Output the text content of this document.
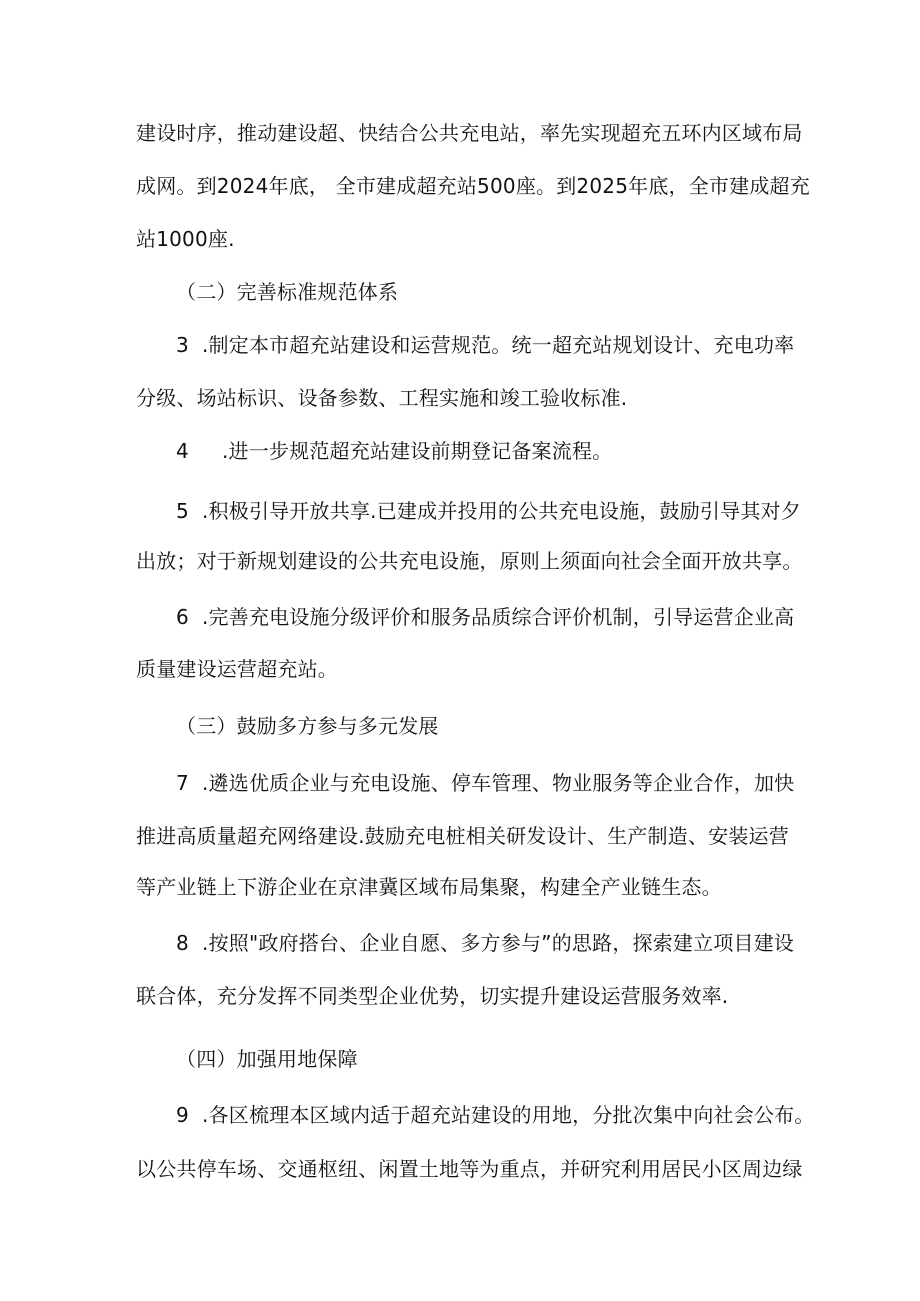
建设时序，推动建设超、快结合公共充电站，率先实现超充五环内区域布局
成网。到2024年底， 全市建成超充站500座。到2025年底，全市建成超充
站1000座.
（二）完善标准规范体系
3 .制定本市超充站建设和运营规范。统一超充站规划设计、充电功率
分级、场站标识、设备参数、工程实施和竣工验收标准.
4 .进一步规范超充站建设前期登记备案流程。
5 .积极引导开放共享.已建成并投用的公共充电设施，鼓励引导其对夕
出放；对于新规划建设的公共充电设施，原则上须面向社会全面开放共享。
6 .完善充电设施分级评价和服务品质综合评价机制，引导运营企业高
质量建设运营超充站。
（三）鼓励多方参与多元发展
7 .遴选优质企业与充电设施、停车管理、物业服务等企业合作，加快
推进高质量超充网络建设.鼓励充电桩相关研发设计、生产制造、安装运营
等产业链上下游企业在京津冀区域布局集聚，构建全产业链生态。
8 .按照"政府搭台、企业自愿、多方参与”的思路，探索建立项目建设
联合体，充分发挥不同类型企业优势，切实提升建设运营服务效率.
（四）加强用地保障
9 .各区梳理本区域内适于超充站建设的用地，分批次集中向社会公布。
以公共停车场、交通枢纽、闲置土地等为重点，并研究利用居民小区周边绿
